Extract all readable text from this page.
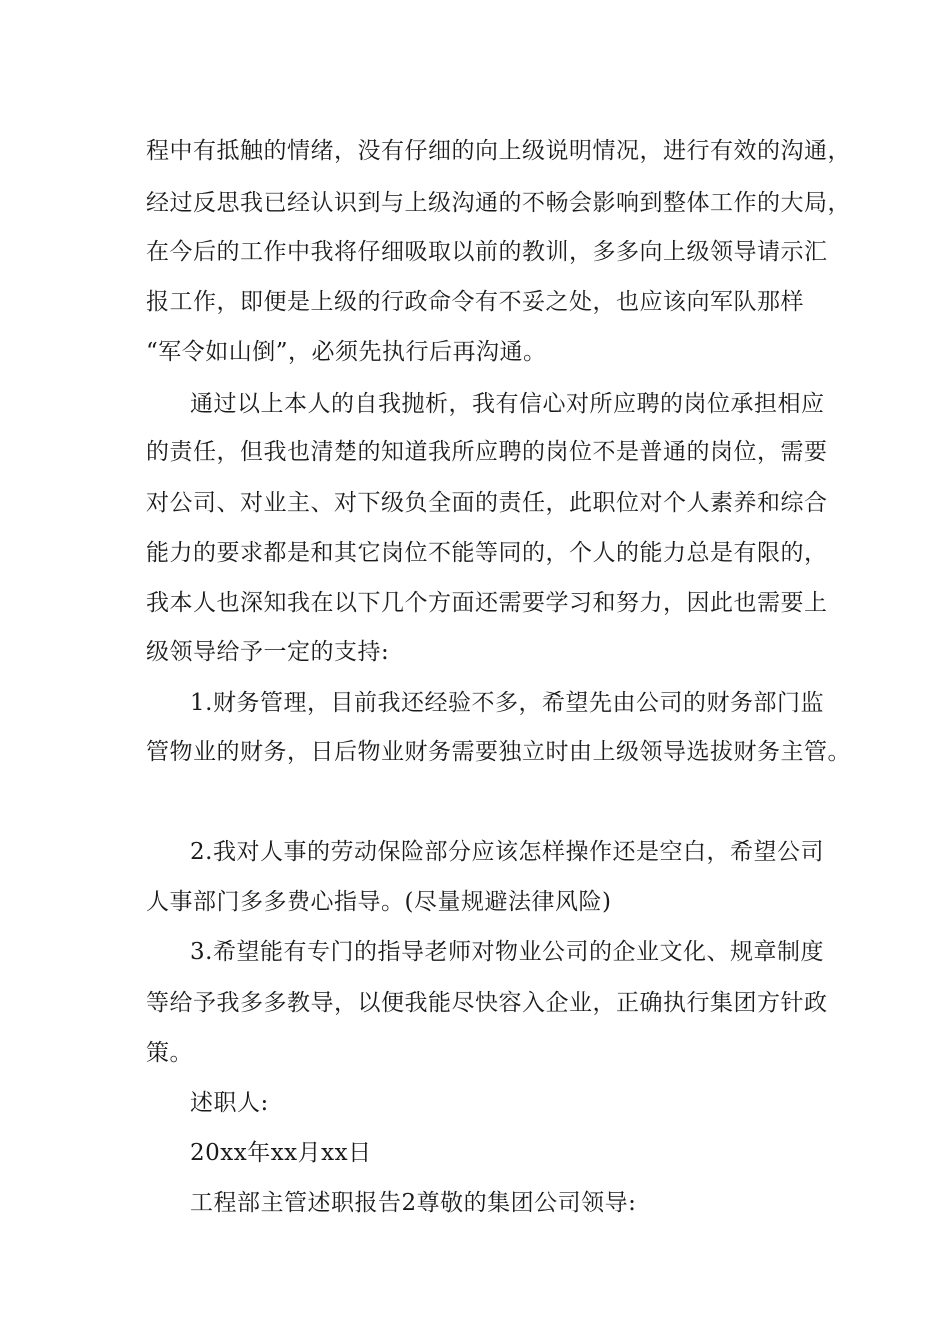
程中有抵触的情绪，没有仔细的向上级说明情况，进行有效的沟通，
经过反思我已经认识到与上级沟通的不畅会影响到整体工作的大局，
在今后的工作中我将仔细吸取以前的教训，多多向上级领导请示汇
报工作，即便是上级的行政命令有不妥之处，也应该向军队那样
“军令如山倒”，必须先执行后再沟通。
通过以上本人的自我抛析，我有信心对所应聘的岗位承担相应
的责任，但我也清楚的知道我所应聘的岗位不是普通的岗位，需要
对公司、对业主、对下级负全面的责任，此职位对个人素养和综合
能力的要求都是和其它岗位不能等同的，个人的能力总是有限的，
我本人也深知我在以下几个方面还需要学习和努力，因此也需要上
级领导给予一定的支持:
1.财务管理，目前我还经验不多，希望先由公司的财务部门监
管物业的财务，日后物业财务需要独立时由上级领导选拔财务主管。
2.我对人事的劳动保险部分应该怎样操作还是空白，希望公司
人事部门多多费心指导。(尽量规避法律风险)
3.希望能有专门的指导老师对物业公司的企业文化、规章制度
等给予我多多教导，以便我能尽快容入企业，正确执行集团方针政
策。
述职人:
20xx年xx月xx日
工程部主管述职报告2尊敬的集团公司领导:
